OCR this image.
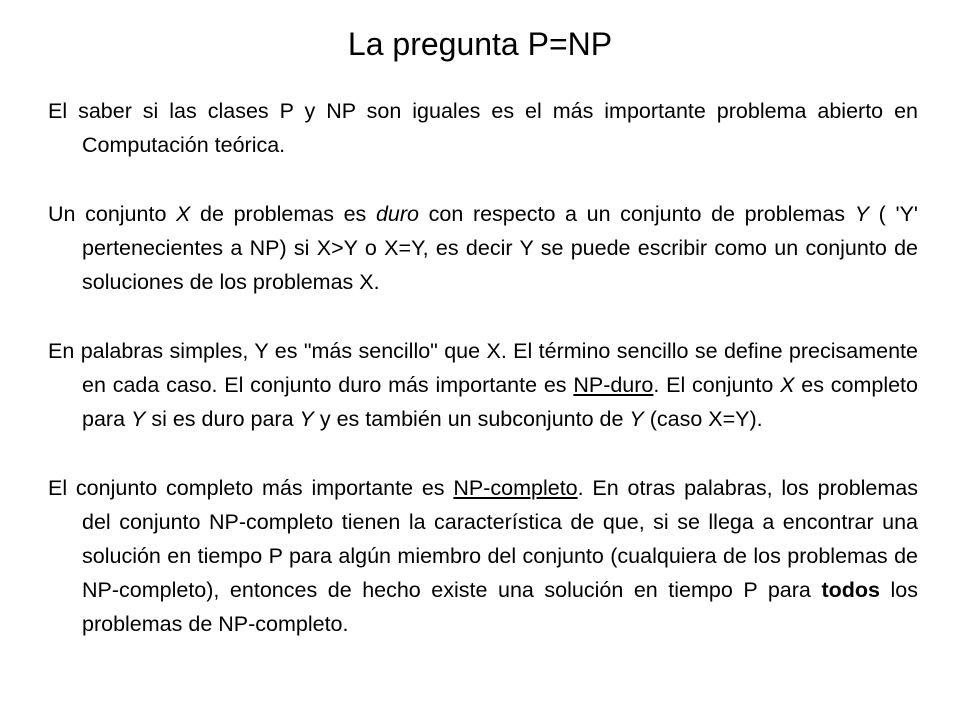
La pregunta P=NP

El saber si las clases P y NP son iguales es el más importante problema abierto en Computación teórica.

Un conjunto X de problemas es duro con respecto a un conjunto de problemas Y ( 'Y' pertenecientes a NP) si X>Y o X=Y, es decir Y se puede escribir como un conjunto de soluciones de los problemas X.

En palabras simples, Y es "más sencillo" que X. El término sencillo se define precisamente en cada caso. El conjunto duro más importante es NP-duro. El conjunto X es completo para Y si es duro para Y y es también un subconjunto de Y (caso X=Y).

El conjunto completo más importante es NP-completo. En otras palabras, los problemas del conjunto NP-completo tienen la característica de que, si se llega a encontrar una solución en tiempo P para algún miembro del conjunto (cualquiera de los problemas de NP-completo), entonces de hecho existe una solución en tiempo P para todos los problemas de NP-completo.
